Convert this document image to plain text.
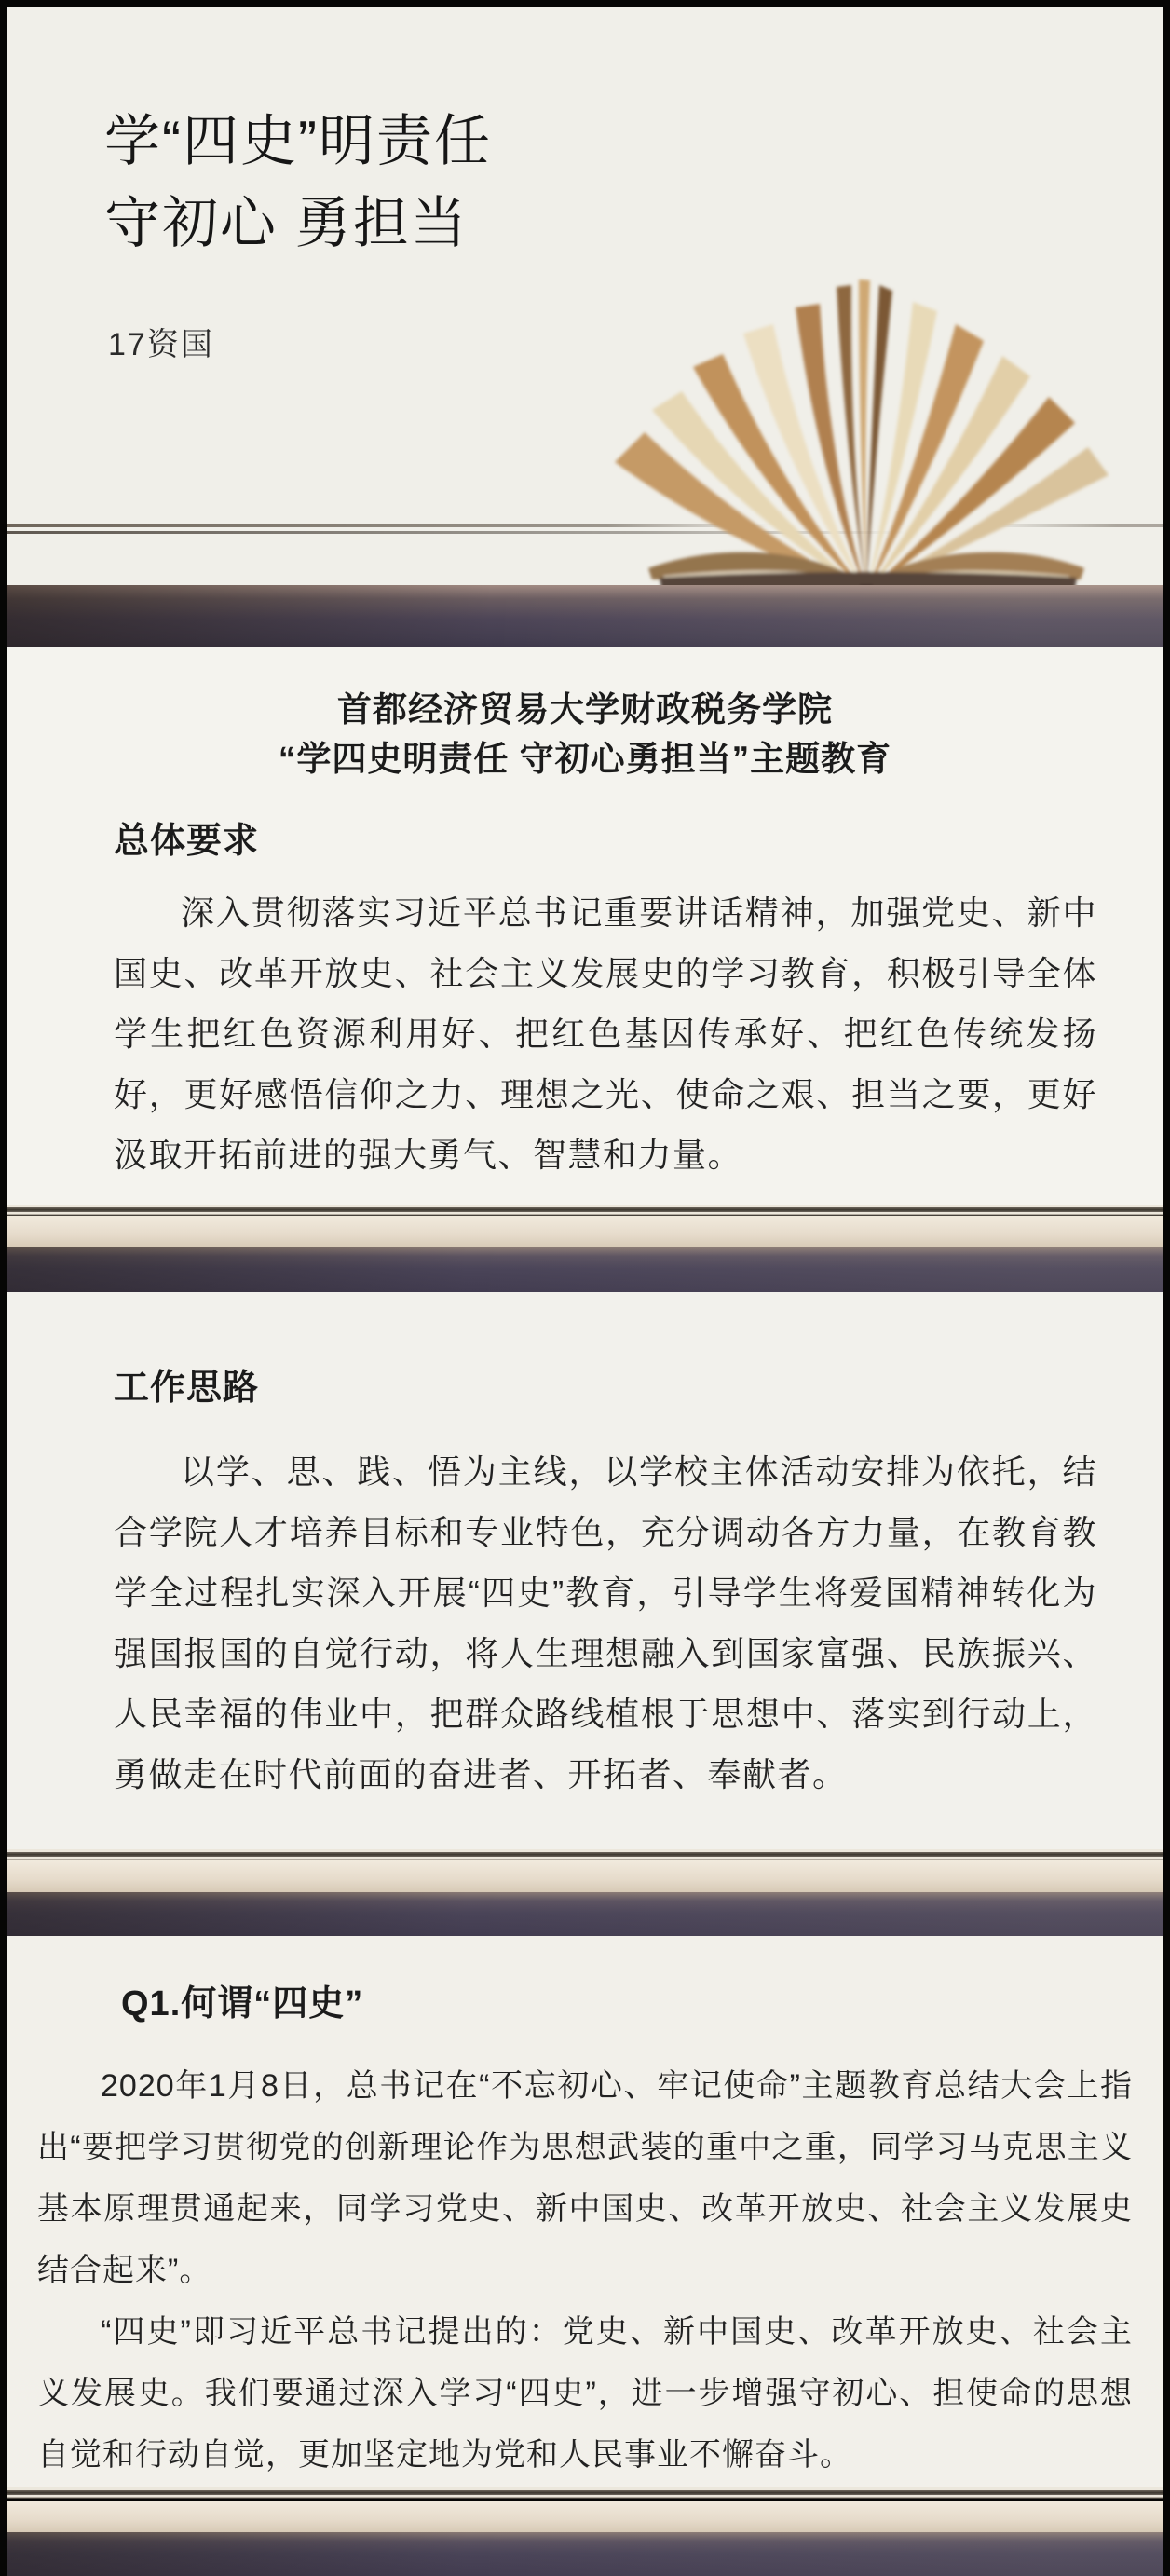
学“四史”明责任
守初心 勇担当
17资国
首都经济贸易大学财政税务学院
“学四史明责任 守初心勇担当”主题教育
总体要求

深入贯彻落实习近平总书记重要讲话精神，加强党史、新中国史、改革开放史、社会主义发展史的学习教育，积极引导全体学生把红色资源利用好、把红色基因传承好、把红色传统发扬好，更好感悟信仰之力、理想之光、使命之艰、担当之要，更好汲取开拓前进的强大勇气、智慧和力量。

工作思路

以学、思、践、悟为主线，以学校主体活动安排为依托，结合学院人才培养目标和专业特色，充分调动各方力量，在教育教学全过程扎实深入开展“四史”教育，引导学生将爱国精神转化为强国报国的自觉行动，将人生理想融入到国家富强、民族振兴、人民幸福的伟业中，把群众路线植根于思想中、落实到行动上，勇做走在时代前面的奋进者、开拓者、奉献者。

Q1.何谓“四史”

2020年1月8日，总书记在“不忘初心、牢记使命”主题教育总结大会上指出“要把学习贯彻党的创新理论作为思想武装的重中之重，同学习马克思主义基本原理贯通起来，同学习党史、新中国史、改革开放史、社会主义发展史结合起来”。

“四史”即习近平总书记提出的：党史、新中国史、改革开放史、社会主义发展史。我们要通过深入学习“四史”，进一步增强守初心、担使命的思想自觉和行动自觉，更加坚定地为党和人民事业不懈奋斗。
